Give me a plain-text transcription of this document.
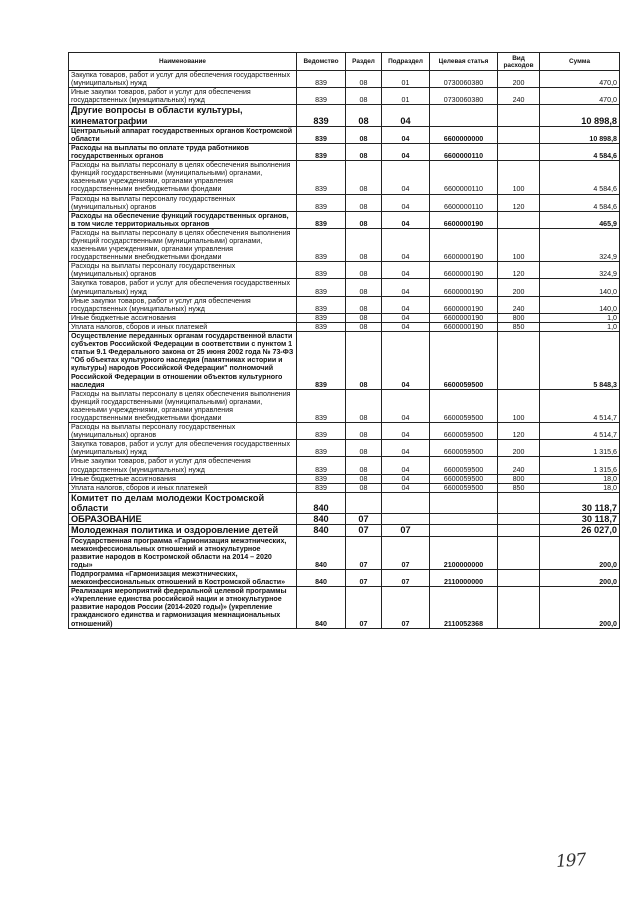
Наименование	Ведомство	Раздел	Подраздел	Целевая статья	Вид расходов	Сумма
Закупка товаров, работ и услуг для обеспечения государственных (муниципальных) нужд	839	08	01	0730060380	200	470,0
Иные закупки товаров, работ и услуг для обеспечения государственных (муниципальных) нужд	839	08	01	0730060380	240	470,0
Другие вопросы в области культуры, кинематографии	839	08	04			10 898,8
Центральный аппарат государственных органов Костромской области	839	08	04	6600000000		10 898,8
Расходы на выплаты по оплате труда работников государственных органов	839	08	04	6600000110		4 584,6
Расходы на выплаты персоналу в целях обеспечения выполнения функций государственными (муниципальными) органами, казенными учреждениями, органами управления государственными внебюджетными фондами	839	08	04	6600000110	100	4 584,6
Расходы на выплаты персоналу государственных (муниципальных) органов	839	08	04	6600000110	120	4 584,6
Расходы на обеспечение функций государственных органов, в том числе территориальных органов	839	08	04	6600000190		465,9
Расходы на выплаты персоналу в целях обеспечения выполнения функций государственными (муниципальными) органами, казенными учреждениями, органами управления государственными внебюджетными фондами	839	08	04	6600000190	100	324,9
Расходы на выплаты персоналу государственных (муниципальных) органов	839	08	04	6600000190	120	324,9
Закупка товаров, работ и услуг для обеспечения государственных (муниципальных) нужд	839	08	04	6600000190	200	140,0
Иные закупки товаров, работ и услуг для обеспечения государственных (муниципальных) нужд	839	08	04	6600000190	240	140,0
Иные бюджетные ассигнования	839	08	04	6600000190	800	1,0
Уплата налогов, сборов и иных платежей	839	08	04	6600000190	850	1,0
Осуществление переданных органам государственной власти субъектов Российской Федерации в соответствии с пунктом 1 статьи 9.1 Федерального закона от 25 июня 2002 года № 73-ФЗ "Об объектах культурного наследия (памятниках истории и культуры) народов Российской Федерации" полномочий Российской Федерации в отношении объектов культурного наследия	839	08	04	6600059500		5 848,3
Расходы на выплаты персоналу в целях обеспечения выполнения функций государственными (муниципальными) органами, казенными учреждениями, органами управления государственными внебюджетными фондами	839	08	04	6600059500	100	4 514,7
Расходы на выплаты персоналу государственных (муниципальных) органов	839	08	04	6600059500	120	4 514,7
Закупка товаров, работ и услуг для обеспечения государственных (муниципальных) нужд	839	08	04	6600059500	200	1 315,6
Иные закупки товаров, работ и услуг для обеспечения государственных (муниципальных) нужд	839	08	04	6600059500	240	1 315,6
Иные бюджетные ассигнования	839	08	04	6600059500	800	18,0
Уплата налогов, сборов и иных платежей	839	08	04	6600059500	850	18,0
Комитет по делам молодежи Костромской области	840					30 118,7
ОБРАЗОВАНИЕ	840	07				30 118,7
Молодежная политика и оздоровление детей	840	07	07			26 027,0
Государственная программа «Гармонизация межэтнических, межконфессиональных отношений и этнокультурное развитие народов в Костромской области на 2014 – 2020 годы»	840	07	07	2100000000		200,0
Подпрограмма «Гармонизация межэтнических, межконфессиональных отношений в Костромской области»	840	07	07	2110000000		200,0
Реализация мероприятий федеральной целевой программы «Укрепление единства российской нации и этнокультурное развитие народов России (2014-2020 годы)» (укрепление гражданского единства и гармонизация межнациональных отношений)	840	07	07	2110052368		200,0
197
